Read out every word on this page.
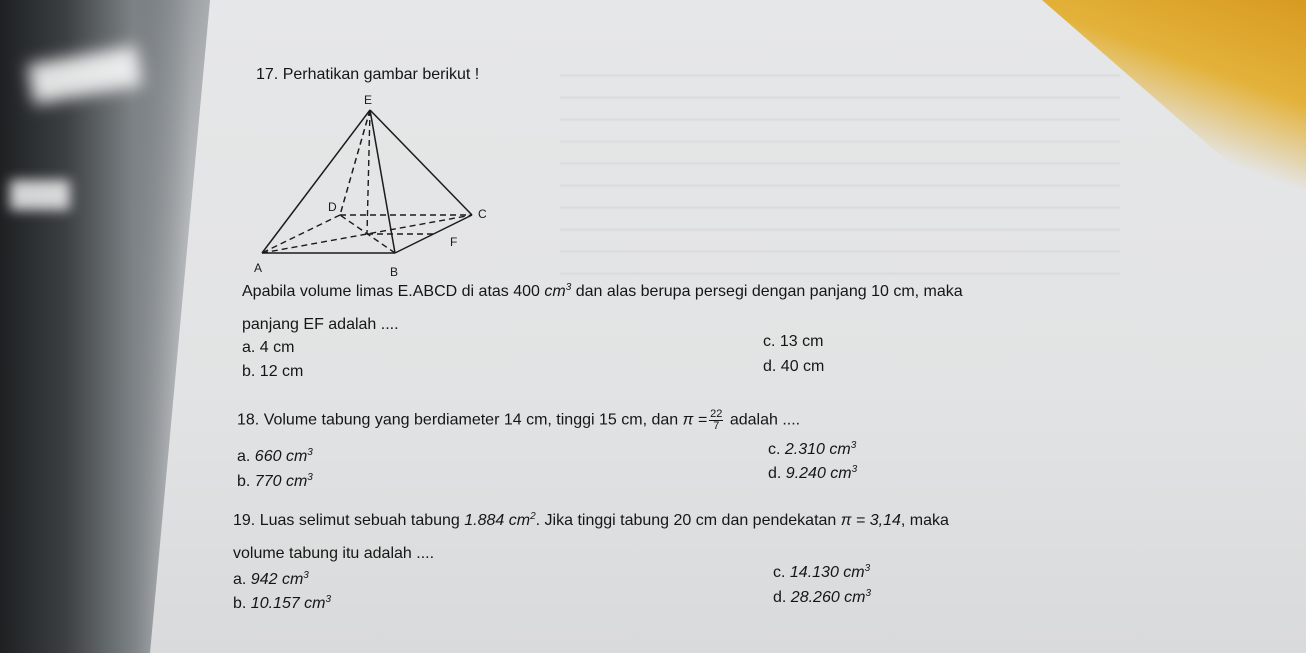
17. Perhatikan gambar berikut !
E
D	C
F
A	B
Apabila volume limas E.ABCD di atas 400 $cm^3$ dan alas berupa persegi dengan panjang 10 cm, maka
panjang EF adalah ....
a. 4 cm
b. 12 cm
c. 13 cm
d. 40 cm
18. Volume tabung yang berdiameter 14 cm, tinggi 15 cm, dan $\pi = \frac{22}{7}$ adalah ....
a. 660 $cm^3$
b. 770 $cm^3$
c. 2.310 $cm^3$
d. 9.240 $cm^3$
19. Luas selimut sebuah tabung 1.884 $cm^2$. Jika tinggi tabung 20 cm dan pendekatan π = 3,14, maka
volume tabung itu adalah ....
a. 942 $cm^3$
b. 10.157 $cm^3$
c. 14.130 $cm^3$
d. 28.260 $cm^3$
